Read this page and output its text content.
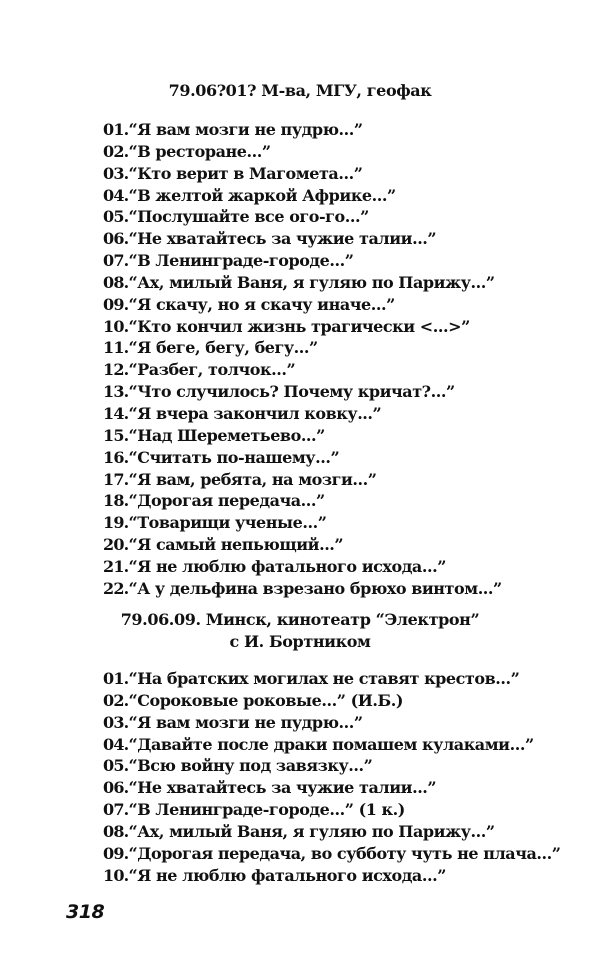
79.06?01? М-ва, МГУ, геофак
01.“Я вам мозги не пудрю...”
02.“В ресторане...”
03.“Кто верит в Магомета...”
04.“В желтой жаркой Африке...”
05.“Послушайте все ого-го...”
06.“Не хватайтесь за чужие талии...”
07.“В Ленинграде-городе...”
08.“Ах, милый Ваня, я гуляю по Парижу...”
09.“Я скачу, но я скачу иначе...”
10.“Кто кончил жизнь трагически <...>”
11.“Я беге, бегу, бегу...”
12.“Разбег, толчок...”
13.“Что случилось? Почему кричат?...”
14.“Я вчера закончил ковку...”
15.“Над Шереметьево...”
16.“Считать по-нашему...”
17.“Я вам, ребята, на мозги...”
18.“Дорогая передача...”
19.“Товарищи ученые...”
20.“Я самый непьющий...”
21.“Я не люблю фатального исхода...”
22.“А у дельфина взрезано брюхо винтом...”
79.06.09. Минск, кинотеатр “Электрон”
с И. Бортником
01.“На братских могилах не ставят крестов...”
02.“Сороковые роковые...” (И.Б.)
03.“Я вам мозги не пудрю...”
04.“Давайте после драки помашем кулаками...”
05.“Всю войну под завязку...”
06.“Не хватайтесь за чужие талии...”
07.“В Ленинграде-городе...” (1 к.)
08.“Ах, милый Ваня, я гуляю по Парижу...”
09.“Дорогая передача, во субботу чуть не плача...”
10.“Я не люблю фатального исхода...”
318
